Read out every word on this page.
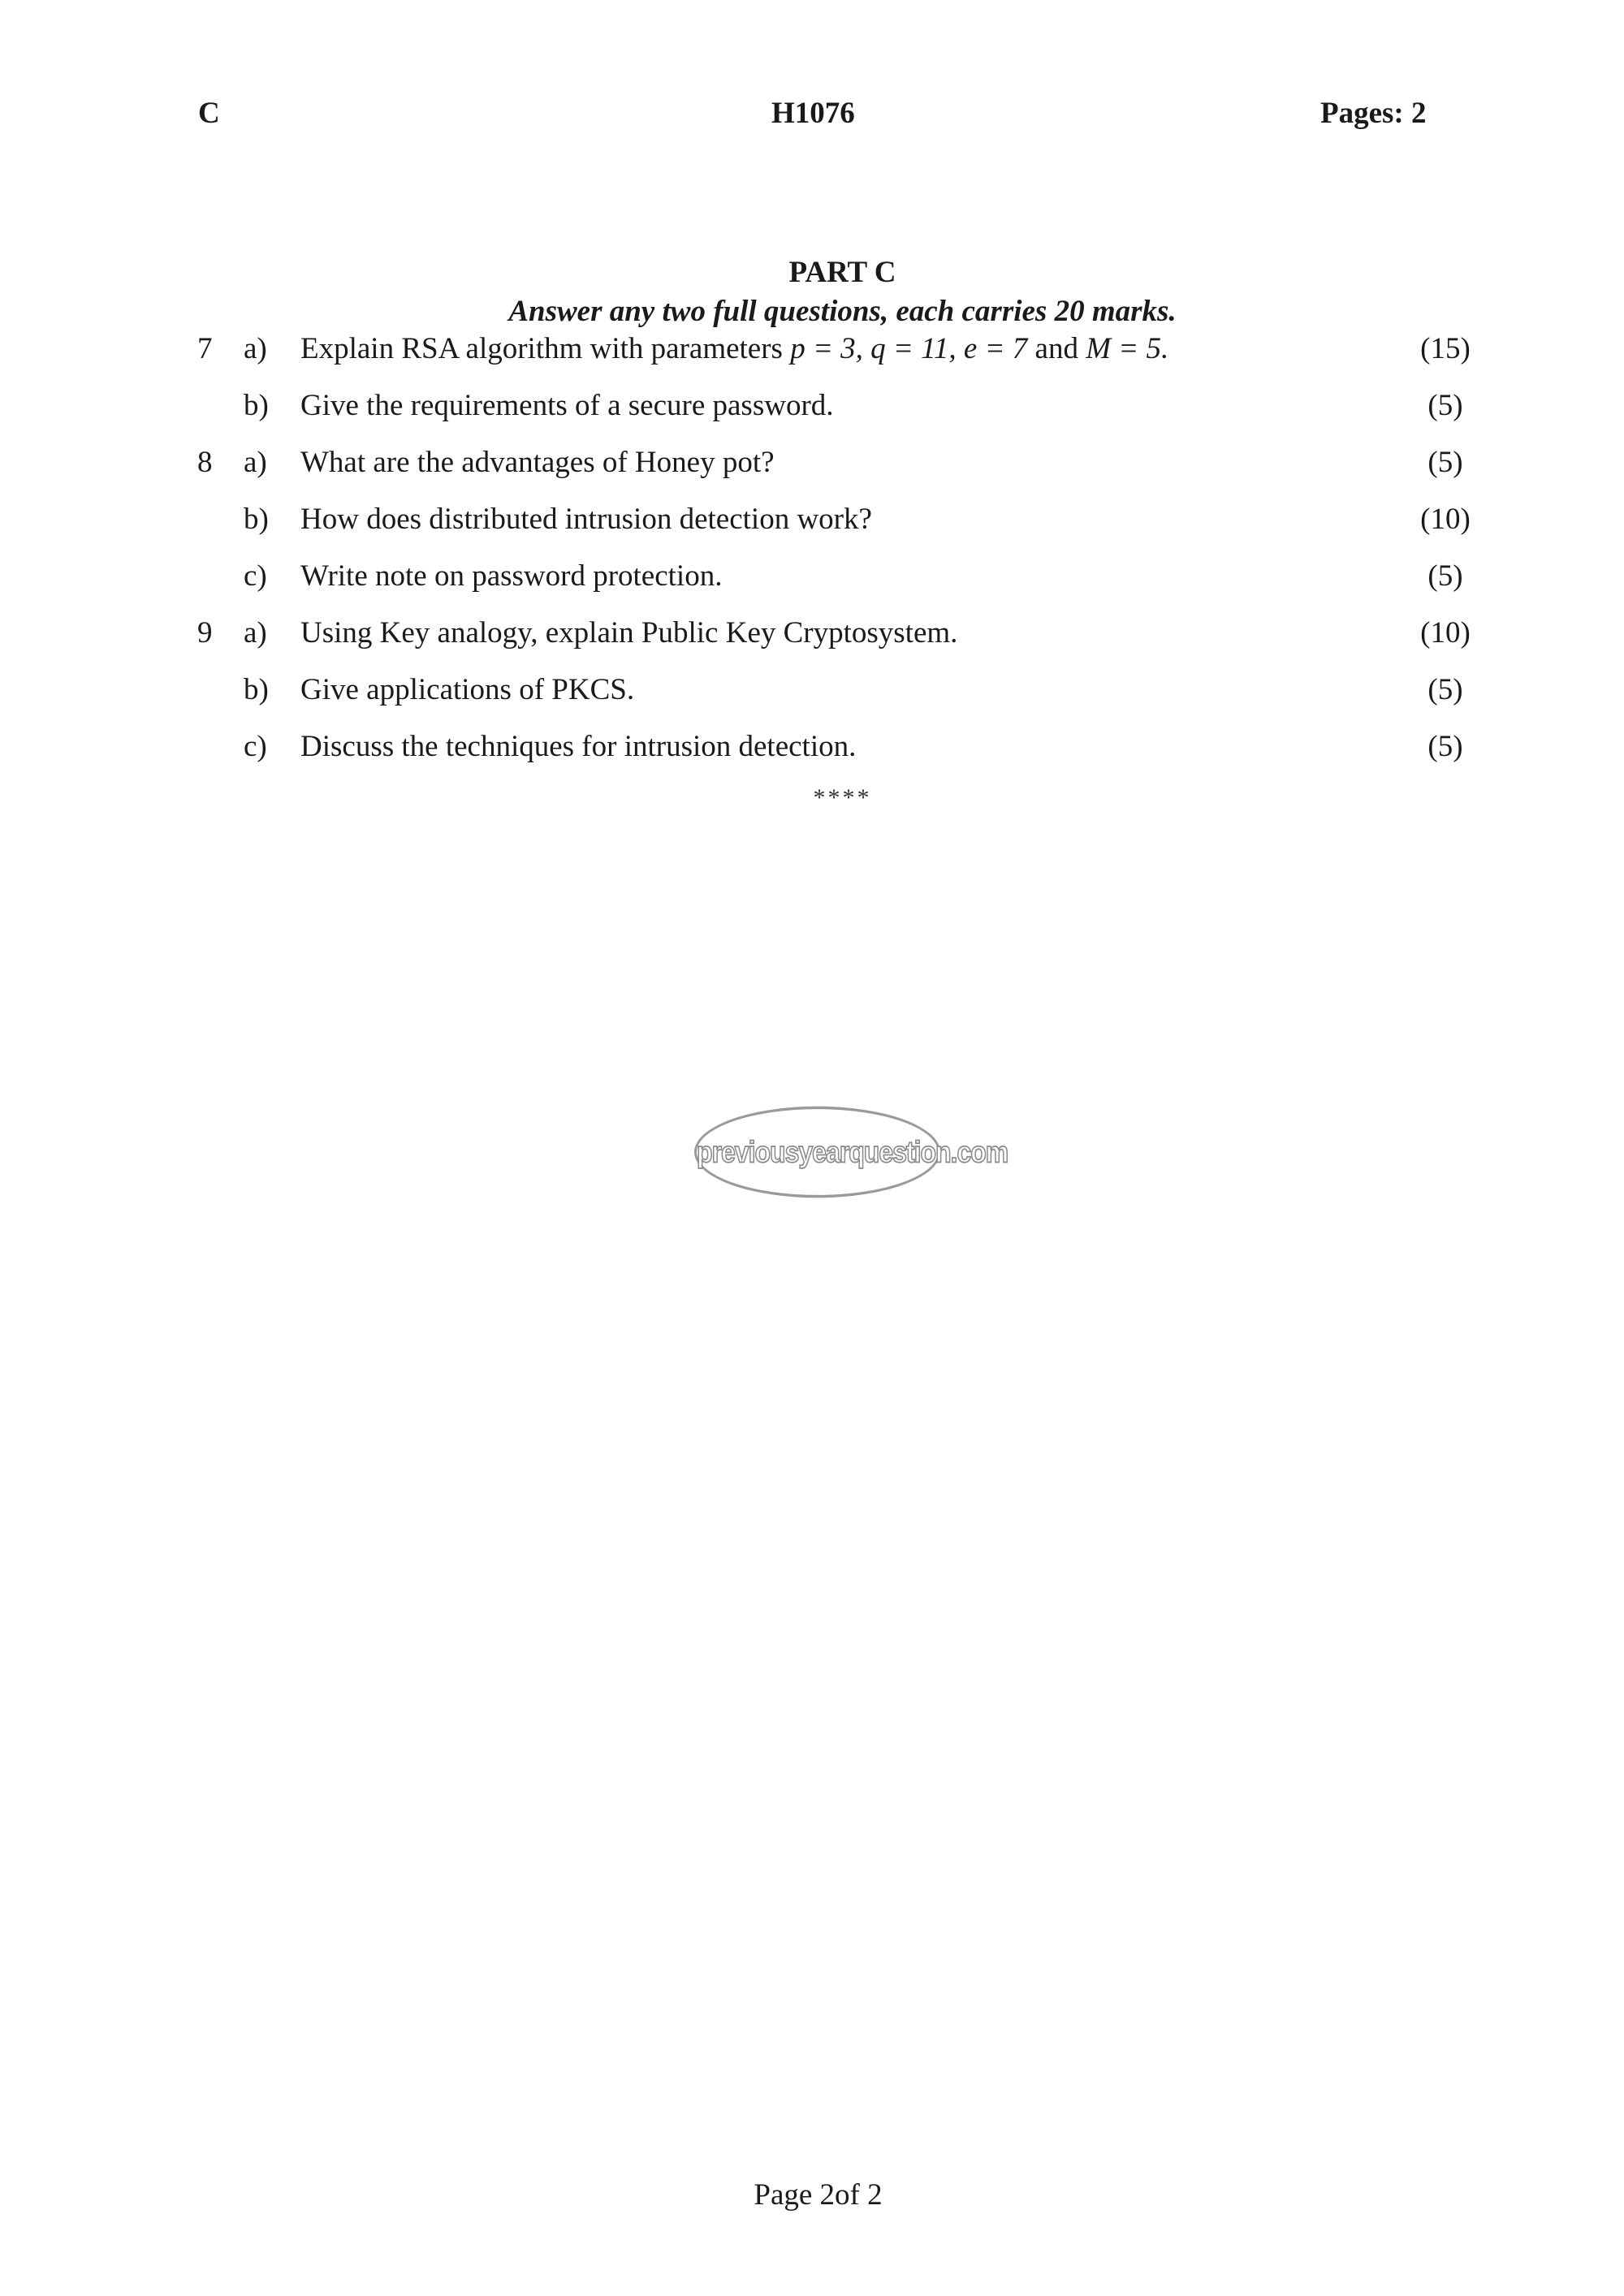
C	H1076	Pages: 2
PART C
Answer any two full questions, each carries 20 marks.
7 a) Explain RSA algorithm with parameters p = 3, q = 11, e = 7 and M = 5.	(15)
b) Give the requirements of a secure password.	(5)
8 a) What are the advantages of Honey pot?	(5)
b) How does distributed intrusion detection work?	(10)
c) Write note on password protection.	(5)
9 a) Using Key analogy, explain Public Key Cryptosystem.	(10)
b) Give applications of PKCS.	(5)
c) Discuss the techniques for intrusion detection.	(5)
****
previousyearquestion.com
Page 2of 2
